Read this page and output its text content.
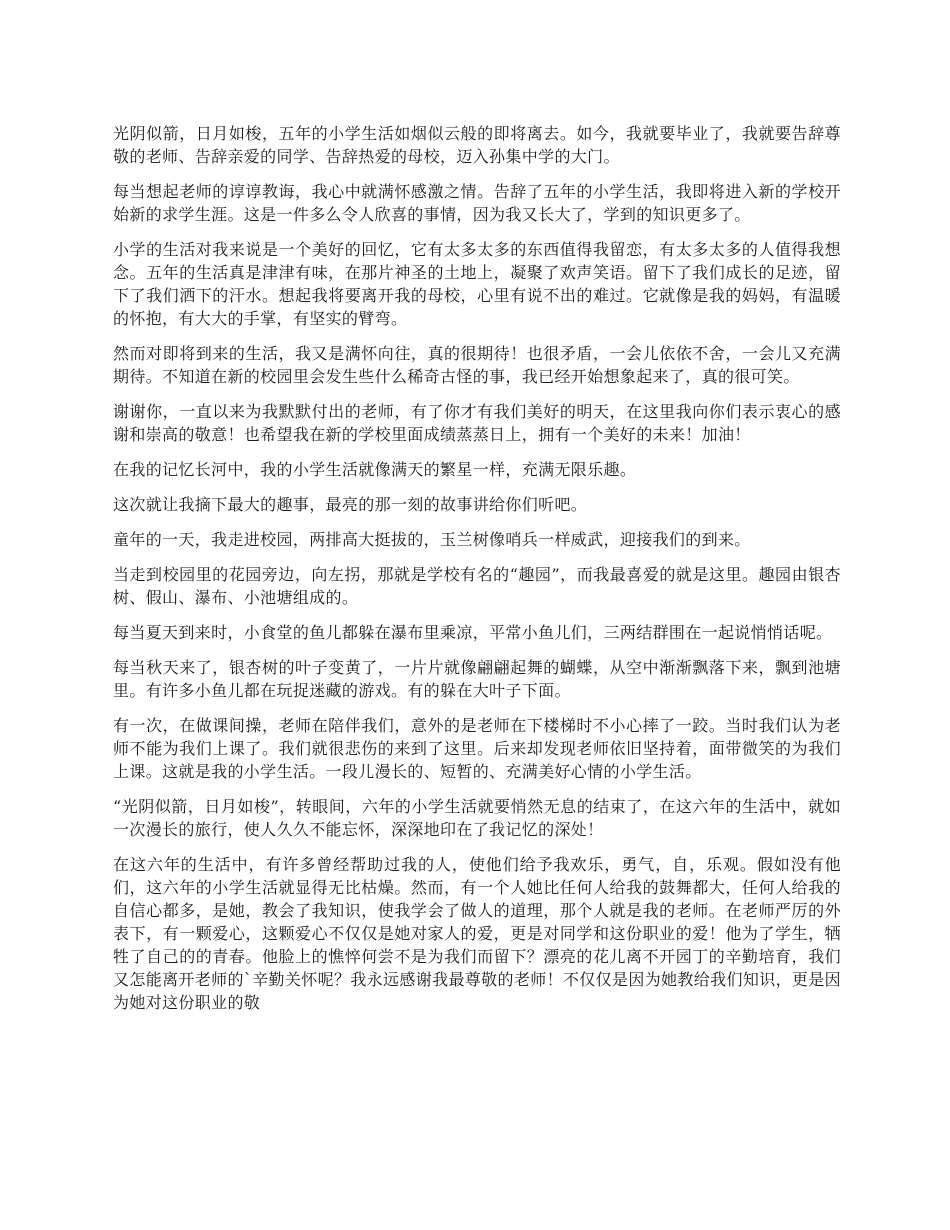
光阴似箭，日月如梭，五年的小学生活如烟似云般的即将离去。如今，我就要毕业了，我就要告辞尊敬的老师、告辞亲爱的同学、告辞热爱的母校，迈入孙集中学的大门。

每当想起老师的谆谆教诲，我心中就满怀感激之情。告辞了五年的小学生活，我即将进入新的学校开始新的求学生涯。这是一件多么令人欣喜的事情，因为我又长大了，学到的知识更多了。

小学的生活对我来说是一个美好的回忆，它有太多太多的东西值得我留恋，有太多太多的人值得我想念。五年的生活真是津津有味，在那片神圣的土地上，凝聚了欢声笑语。留下了我们成长的足迹，留下了我们洒下的汗水。想起我将要离开我的母校，心里有说不出的难过。它就像是我的妈妈，有温暖的怀抱，有大大的手掌，有坚实的臂弯。

然而对即将到来的生活，我又是满怀向往，真的很期待！也很矛盾，一会儿依依不舍，一会儿又充满期待。不知道在新的校园里会发生些什么稀奇古怪的事，我已经开始想象起来了，真的很可笑。

谢谢你，一直以来为我默默付出的老师，有了你才有我们美好的明天，在这里我向你们表示衷心的感谢和崇高的敬意！也希望我在新的学校里面成绩蒸蒸日上，拥有一个美好的未来！加油！

在我的记忆长河中，我的小学生活就像满天的繁星一样，充满无限乐趣。

这次就让我摘下最大的趣事，最亮的那一刻的故事讲给你们听吧。

童年的一天，我走进校园，两排高大挺拔的，玉兰树像哨兵一样威武，迎接我们的到来。

当走到校园里的花园旁边，向左拐，那就是学校有名的“趣园”，而我最喜爱的就是这里。趣园由银杏树、假山、瀑布、小池塘组成的。

每当夏天到来时，小食堂的鱼儿都躲在瀑布里乘凉，平常小鱼儿们，三两结群围在一起说悄悄话呢。

每当秋天来了，银杏树的叶子变黄了，一片片就像翩翩起舞的蝴蝶，从空中渐渐飘落下来，飘到池塘里。有许多小鱼儿都在玩捉迷藏的游戏。有的躲在大叶子下面。

有一次，在做课间操，老师在陪伴我们，意外的是老师在下楼梯时不小心摔了一跤。当时我们认为老师不能为我们上课了。我们就很悲伤的来到了这里。后来却发现老师依旧坚持着，面带微笑的为我们上课。这就是我的小学生活。一段儿漫长的、短暂的、充满美好心情的小学生活。

“光阴似箭，日月如梭”，转眼间，六年的小学生活就要悄然无息的结束了，在这六年的生活中，就如一次漫长的旅行，使人久久不能忘怀，深深地印在了我记忆的深处！

在这六年的生活中，有许多曾经帮助过我的人，使他们给予我欢乐，勇气，自，乐观。假如没有他们，这六年的小学生活就显得无比枯燥。然而，有一个人她比任何人给我的鼓舞都大，任何人给我的自信心都多，是她，教会了我知识，使我学会了做人的道理，那个人就是我的老师。在老师严厉的外表下，有一颗爱心，这颗爱心不仅仅是她对家人的爱，更是对同学和这份职业的爱！他为了学生，牺牲了自己的的青春。他脸上的憔悴何尝不是为我们而留下？漂亮的花儿离不开园丁的辛勤培育，我们又怎能离开老师的`辛勤关怀呢？我永远感谢我最尊敬的老师！不仅仅是因为她教给我们知识，更是因为她对这份职业的敬
